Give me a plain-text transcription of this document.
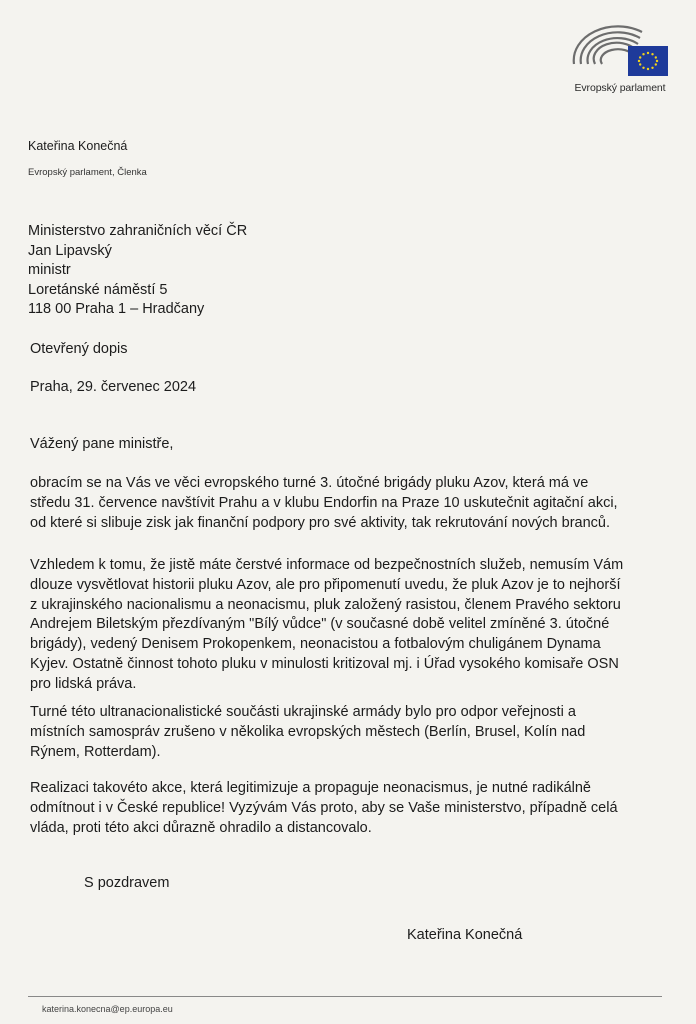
Evropský parlament
Kateřina Konečná
Evropský parlament, Členka
Ministerstvo zahraničních věcí ČR
Jan Lipavský
ministr
Loretánské náměstí 5
118 00 Praha 1 – Hradčany
Otevřený dopis
Praha, 29. červenec 2024
Vážený pane ministře,
obracím se na Vás ve věci evropského turné 3. útočné brigády pluku Azov, která má ve
středu 31. července navštívit Prahu a v klubu Endorfin na Praze 10 uskutečnit agitační akci,
od které si slibuje zisk jak finanční podpory pro své aktivity, tak rekrutování nových branců.
Vzhledem k tomu, že jistě máte čerstvé informace od bezpečnostních služeb, nemusím Vám
dlouze vysvětlovat historii pluku Azov, ale pro připomenutí uvedu, že pluk Azov je to nejhorší
z ukrajinského nacionalismu a neonacismu, pluk založený rasistou, členem Pravého sektoru
Andrejem Biletským přezdívaným "Bílý vůdce" (v současné době velitel zmíněné 3. útočné
brigády), vedený Denisem Prokopenkem, neonacistou a fotbalovým chuligánem Dynama
Kyjev. Ostatně činnost tohoto pluku v minulosti kritizoval mj. i Úřad vysokého komisaře OSN
pro lidská práva.
Turné této ultranacionalistické součásti ukrajinské armády bylo pro odpor veřejnosti a
místních samospráv zrušeno v několika evropských městech (Berlín, Brusel, Kolín nad
Rýnem, Rotterdam).
Realizaci takovéto akce, která legitimizuje a propaguje neonacismus, je nutné radikálně
odmítnout i v České republice! Vyzývám Vás proto, aby se Vaše ministerstvo, případně celá
vláda, proti této akci důrazně ohradilo a distancovalo.
S pozdravem
Kateřina Konečná
katerina.konecna@ep.europa.eu
